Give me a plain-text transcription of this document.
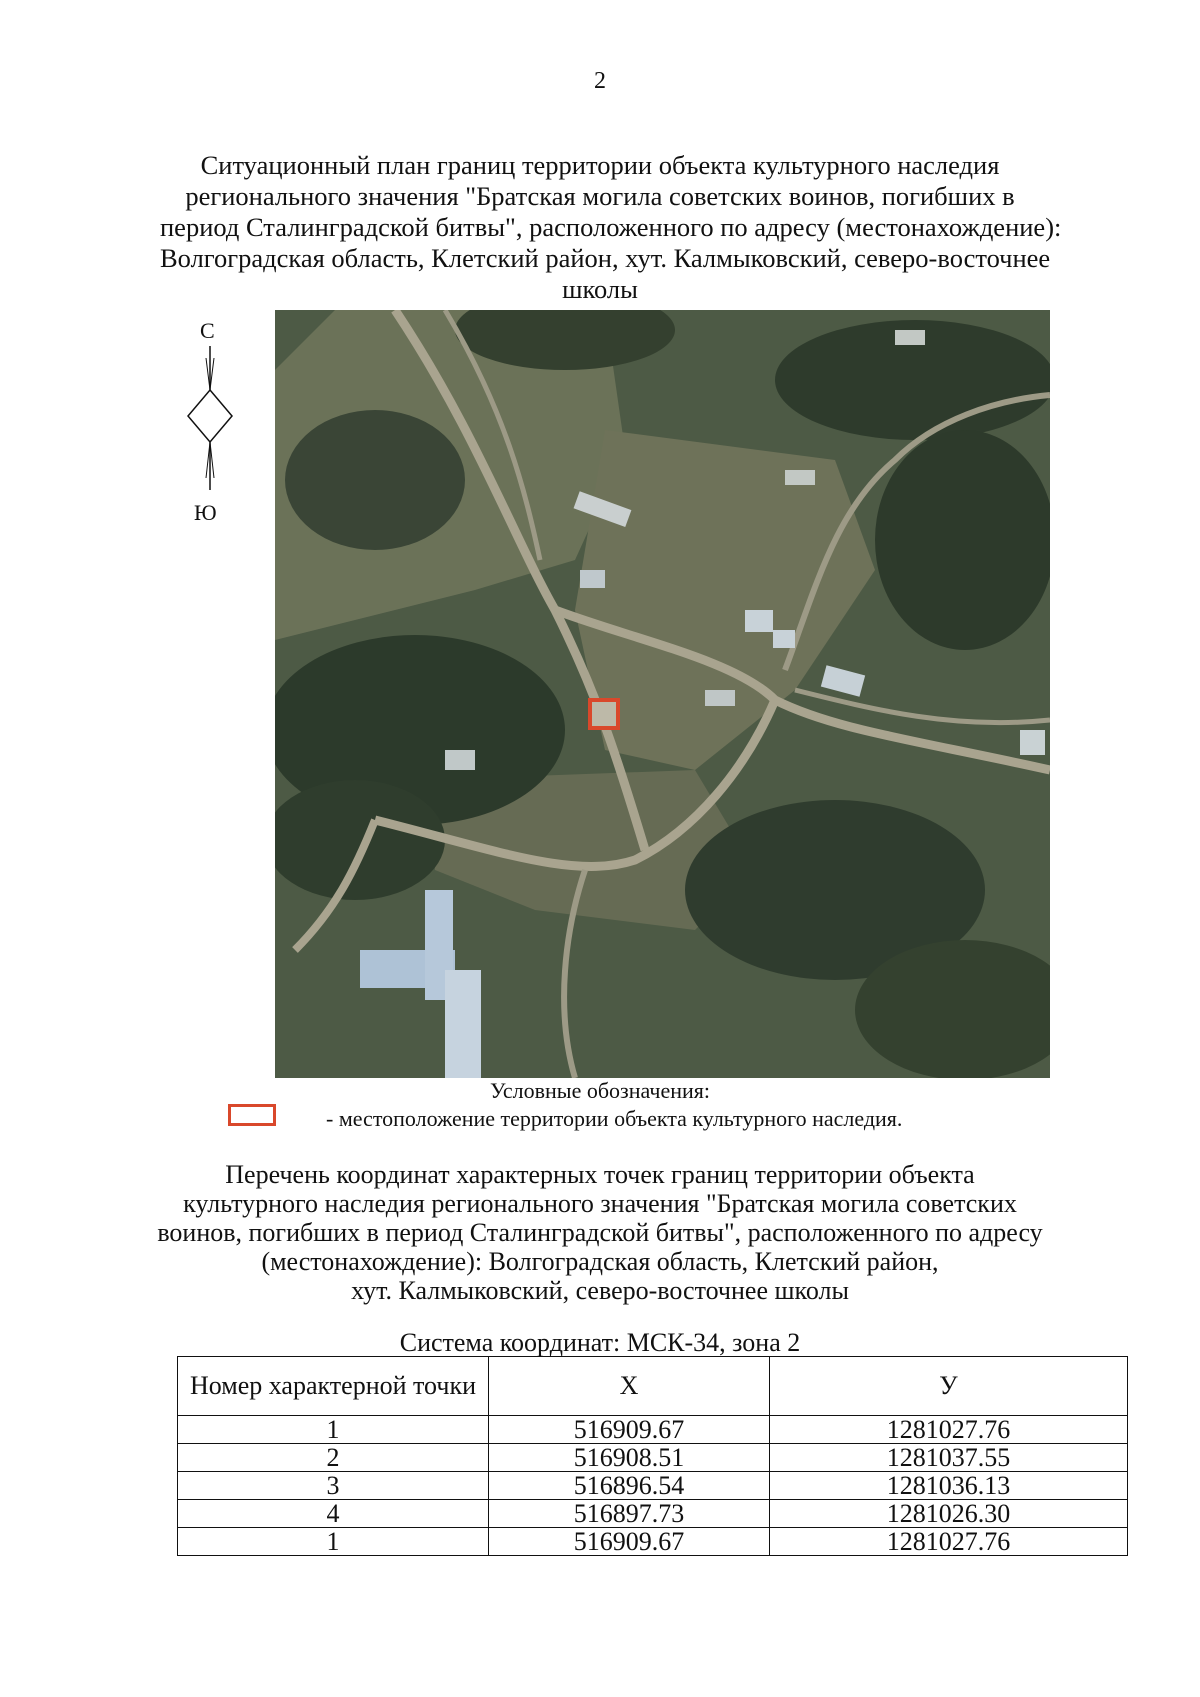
2
Ситуационный план границ территории объекта культурного наследия
регионального значения "Братская могила советских воинов, погибших в
период Сталинградской битвы", расположенного по адресу (местонахождение):
Волгоградская область, Клетский район, хут. Калмыковский, северо-восточнее
школы
С
Ю
Условные обозначения:
- местоположение территории объекта культурного наследия.
Перечень координат характерных точек границ территории объекта
культурного наследия регионального значения "Братская могила советских
воинов, погибших в период Сталинградской битвы", расположенного по адресу
(местонахождение): Волгоградская область, Клетский район,
хут. Калмыковский, северо-восточнее школы
Система координат: МСК-34, зона 2
Номер характерной точки	Х	У
1	516909.67	1281027.76
2	516908.51	1281037.55
3	516896.54	1281036.13
4	516897.73	1281026.30
1	516909.67	1281027.76
